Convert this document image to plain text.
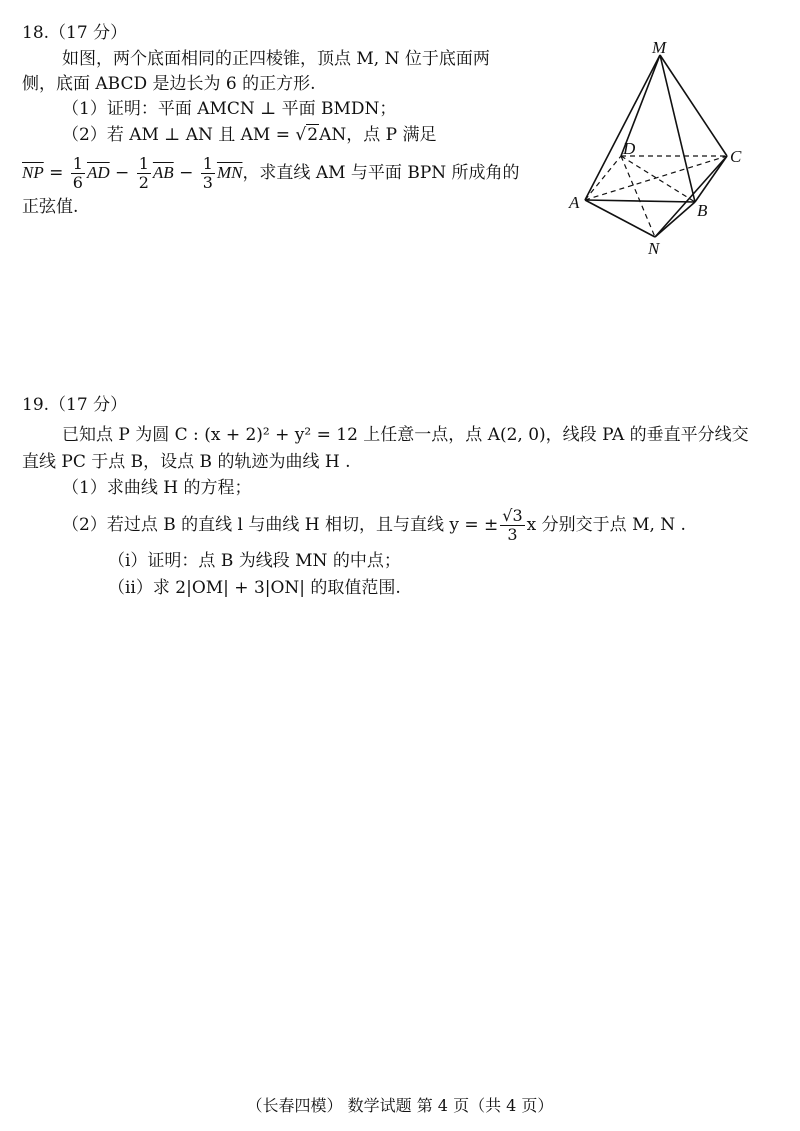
18.（17 分）
如图，两个底面相同的正四棱锥，顶点 M, N 位于底面两
侧，底面 ABCD 是边长为 6 的正方形.
（1）证明：平面 AMCN ⊥ 平面 BMDN；
（2）若 AM ⊥ AN 且 AM = √2AN，点 P 满足
$\overline{NP} = \frac{1}{6} \overline{AD} - \frac{1}{2} \overline{AB} - \frac{1}{3} \overline{MN}$，求直线 AM 与平面 BPN 所成角的
正弦值.
M
N
A	B
C
D
19.（17 分）
已知点 P 为圆 C : (x + 2)² + y² = 12 上任意一点，点 A(2, 0)，线段 PA 的垂直平分线交
直线 PC 于点 B，设点 B 的轨迹为曲线 H .
（1）求曲线 H 的方程；
（2）若过点 B 的直线 l 与曲线 H 相切，且与直线 y = ± $\frac{√3}{3}$ x 分别交于点 M, N .
（i）证明：点 B 为线段 MN 的中点；
（ii）求 2|OM| + 3|ON| 的取值范围.
（长春四模） 数学试题 第 4 页（共 4 页）
